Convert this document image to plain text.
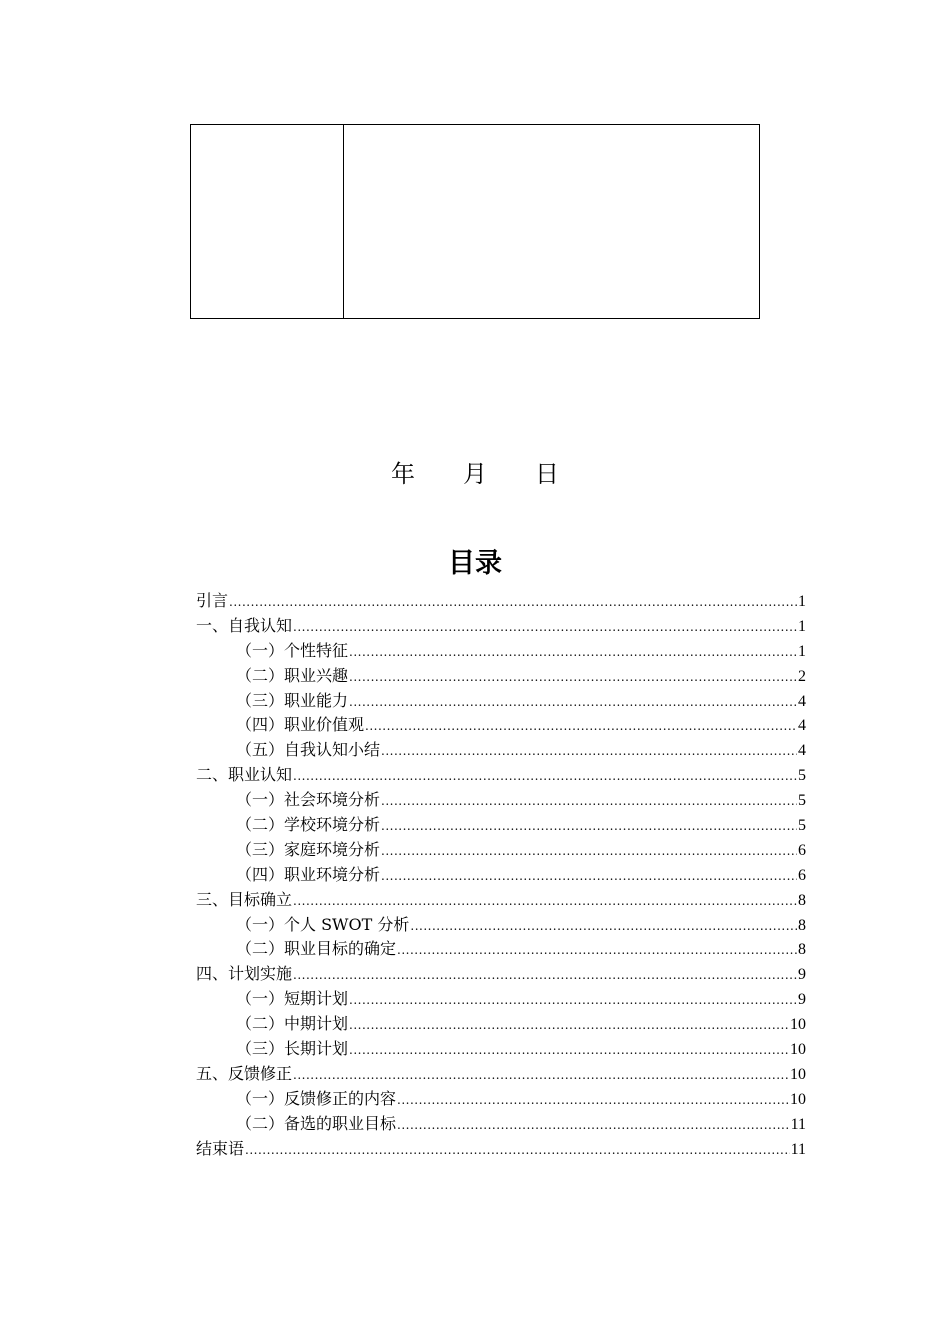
年　　月　　日
目录
引言 .....	1
一、自我认知 .....	1
（一）个性特征 .....	1
（二）职业兴趣 .....	2
（三）职业能力 .....	4
（四）职业价值观 .....	4
（五）自我认知小结 .....	4
二、职业认知 .....	5
（一）社会环境分析 .....	5
（二）学校环境分析 .....	5
（三）家庭环境分析 .....	6
（四）职业环境分析 .....	6
三、目标确立 .....	8
（一）个人 SWOT 分析 .....	8
（二）职业目标的确定 .....	8
四、计划实施 .....	9
（一）短期计划 .....	9
（二）中期计划 .....	10
（三）长期计划 .....	10
五、反馈修正 .....	10
（一）反馈修正的内容 .....	10
（二）备选的职业目标 .....	11
结束语 .....	11
